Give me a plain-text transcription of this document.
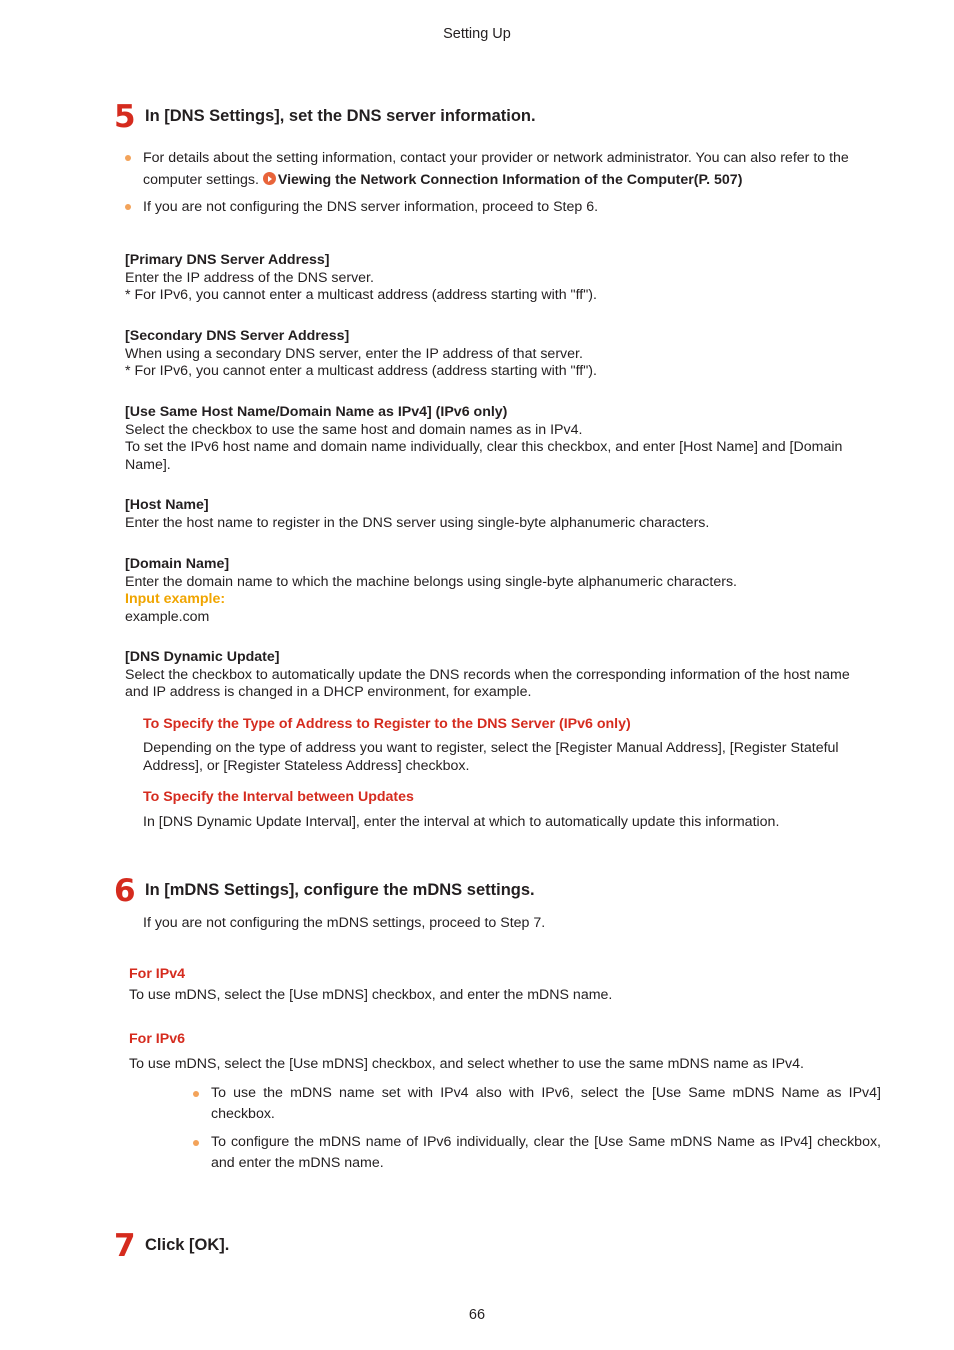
Setting Up
5 In [DNS Settings], set the DNS server information.
For details about the setting information, contact your provider or network administrator. You can also refer to the computer settings. Viewing the Network Connection Information of the Computer(P. 507)
If you are not configuring the DNS server information, proceed to Step 6.
[Primary DNS Server Address]
Enter the IP address of the DNS server.
* For IPv6, you cannot enter a multicast address (address starting with "ff").
[Secondary DNS Server Address]
When using a secondary DNS server, enter the IP address of that server.
* For IPv6, you cannot enter a multicast address (address starting with "ff").
[Use Same Host Name/Domain Name as IPv4] (IPv6 only)
Select the checkbox to use the same host and domain names as in IPv4.
To set the IPv6 host name and domain name individually, clear this checkbox, and enter [Host Name] and [Domain Name].
[Host Name]
Enter the host name to register in the DNS server using single-byte alphanumeric characters.
[Domain Name]
Enter the domain name to which the machine belongs using single-byte alphanumeric characters.
Input example:
example.com
[DNS Dynamic Update]
Select the checkbox to automatically update the DNS records when the corresponding information of the host name and IP address is changed in a DHCP environment, for example.
To Specify the Type of Address to Register to the DNS Server (IPv6 only)
Depending on the type of address you want to register, select the [Register Manual Address], [Register Stateful Address], or [Register Stateless Address] checkbox.
To Specify the Interval between Updates
In [DNS Dynamic Update Interval], enter the interval at which to automatically update this information.
6 In [mDNS Settings], configure the mDNS settings.
If you are not configuring the mDNS settings, proceed to Step 7.
For IPv4
To use mDNS, select the [Use mDNS] checkbox, and enter the mDNS name.
For IPv6
To use mDNS, select the [Use mDNS] checkbox, and select whether to use the same mDNS name as IPv4.
To use the mDNS name set with IPv4 also with IPv6, select the [Use Same mDNS Name as IPv4] checkbox.
To configure the mDNS name of IPv6 individually, clear the [Use Same mDNS Name as IPv4] checkbox, and enter the mDNS name.
7 Click [OK].
66
